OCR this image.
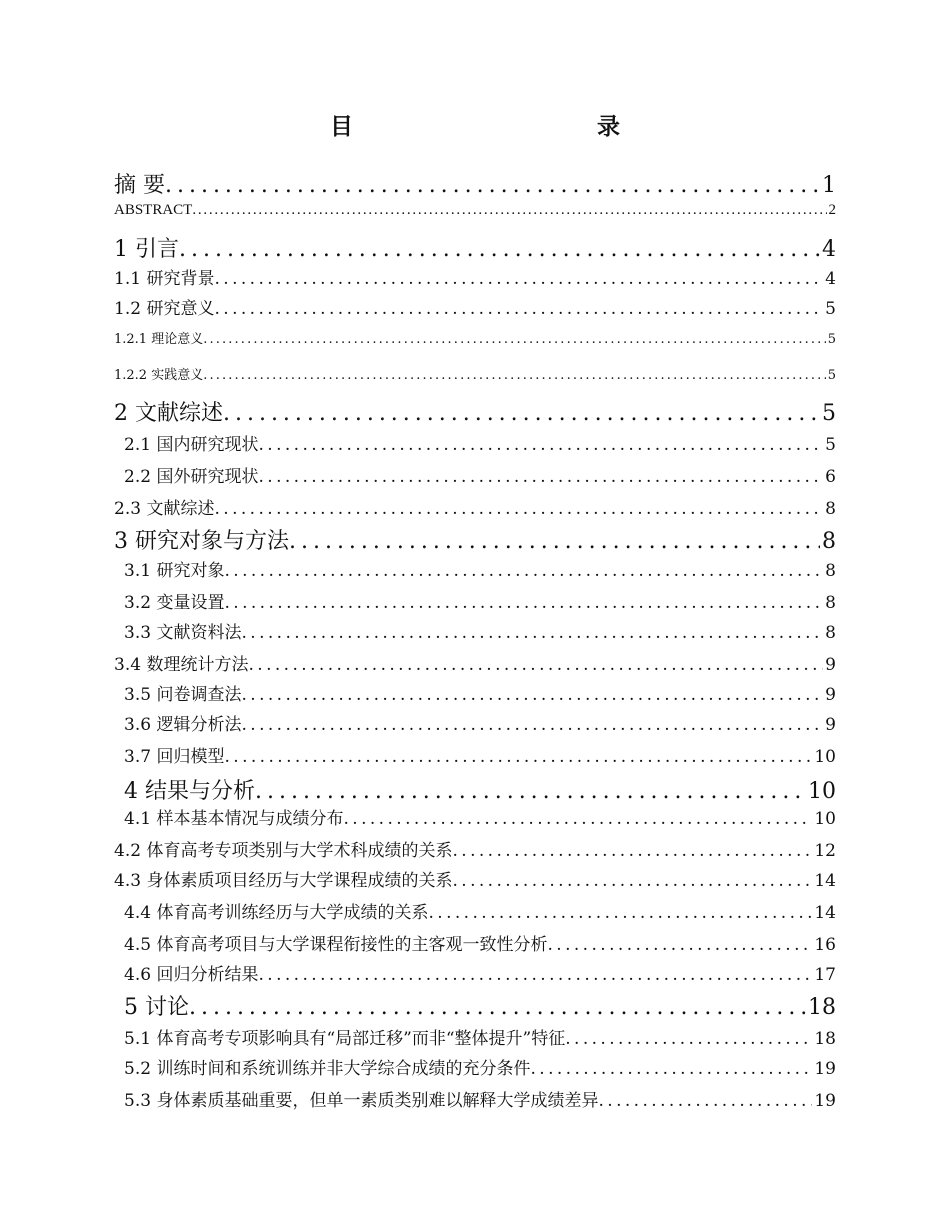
目 录
摘 要 . . .	1
ABSTRACT . . .	2
1 引言 . . .	4
1.1 研究背景 . . .	4
1.2 研究意义 . . .	5
1.2.1 理论意义 . . .	5
1.2.2 实践意义 . . .	5
2 文献综述 . . .	5
2.1 国内研究现状 . . .	5
2.2 国外研究现状 . . .	6
2.3 文献综述 . . .	8
3 研究对象与方法 . . .	8
3.1 研究对象 . . .	8
3.2 变量设置 . . .	8
3.3 文献资料法 . . .	8
3.4 数理统计方法 . . .	9
3.5 问卷调查法 . . .	9
3.6 逻辑分析法 . . .	9
3.7 回归模型 . . .	10
4 结果与分析 . . .	10
4.1 样本基本情况与成绩分布 . . .	10
4.2 体育高考专项类别与大学术科成绩的关系 . . .	12
4.3 身体素质项目经历与大学课程成绩的关系 . . .	14
4.4 体育高考训练经历与大学成绩的关系 . . .	14
4.5 体育高考项目与大学课程衔接性的主客观一致性分析 . . .	16
4.6 回归分析结果 . . .	17
5 讨论 . . .	18
5.1 体育高考专项影响具有“局部迁移”而非“整体提升”特征 . . .	18
5.2 训练时间和系统训练并非大学综合成绩的充分条件 . . .	19
5.3 身体素质基础重要，但单一素质类别难以解释大学成绩差异 . . .	19
